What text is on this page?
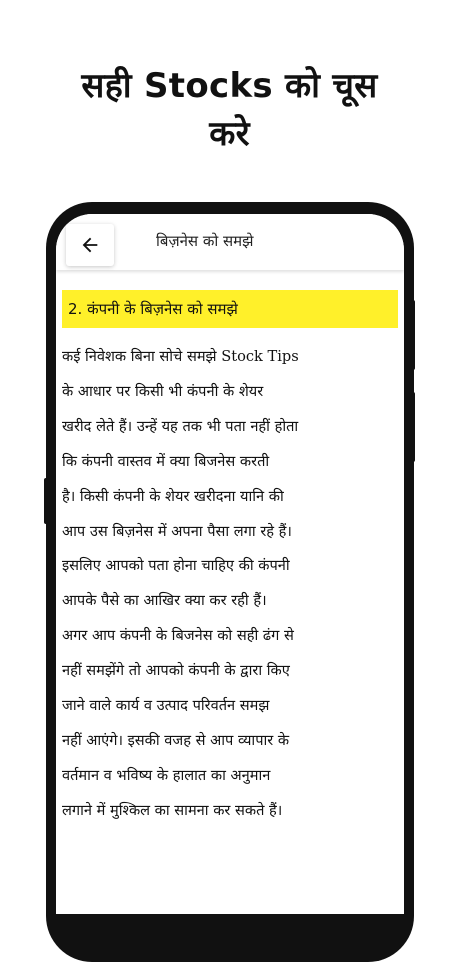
सही Stocks को चूस
करे
बिज़नेस को समझे
2. कंपनी के बिज़नेस को समझे
कई निवेशक बिना सोचे समझे Stock Tips
के आधार पर किसी भी कंपनी के शेयर
खरीद लेते हैं। उन्हें यह तक भी पता नहीं होता
कि कंपनी वास्तव में क्या बिजनेस करती
है। किसी कंपनी के शेयर खरीदना यानि की
आप उस बिज़नेस में अपना पैसा लगा रहे हैं।
इसलिए आपको पता होना चाहिए की कंपनी
आपके पैसे का आखिर क्या कर रही हैं।
अगर आप कंपनी के बिजनेस को सही ढंग से
नहीं समझेंगे तो आपको कंपनी के द्वारा किए
जाने वाले कार्य व उत्पाद परिवर्तन समझ
नहीं आएंगे। इसकी वजह से आप व्यापार के
वर्तमान व भविष्य के हालात का अनुमान
लगाने में मुश्किल का सामना कर सकते हैं।
